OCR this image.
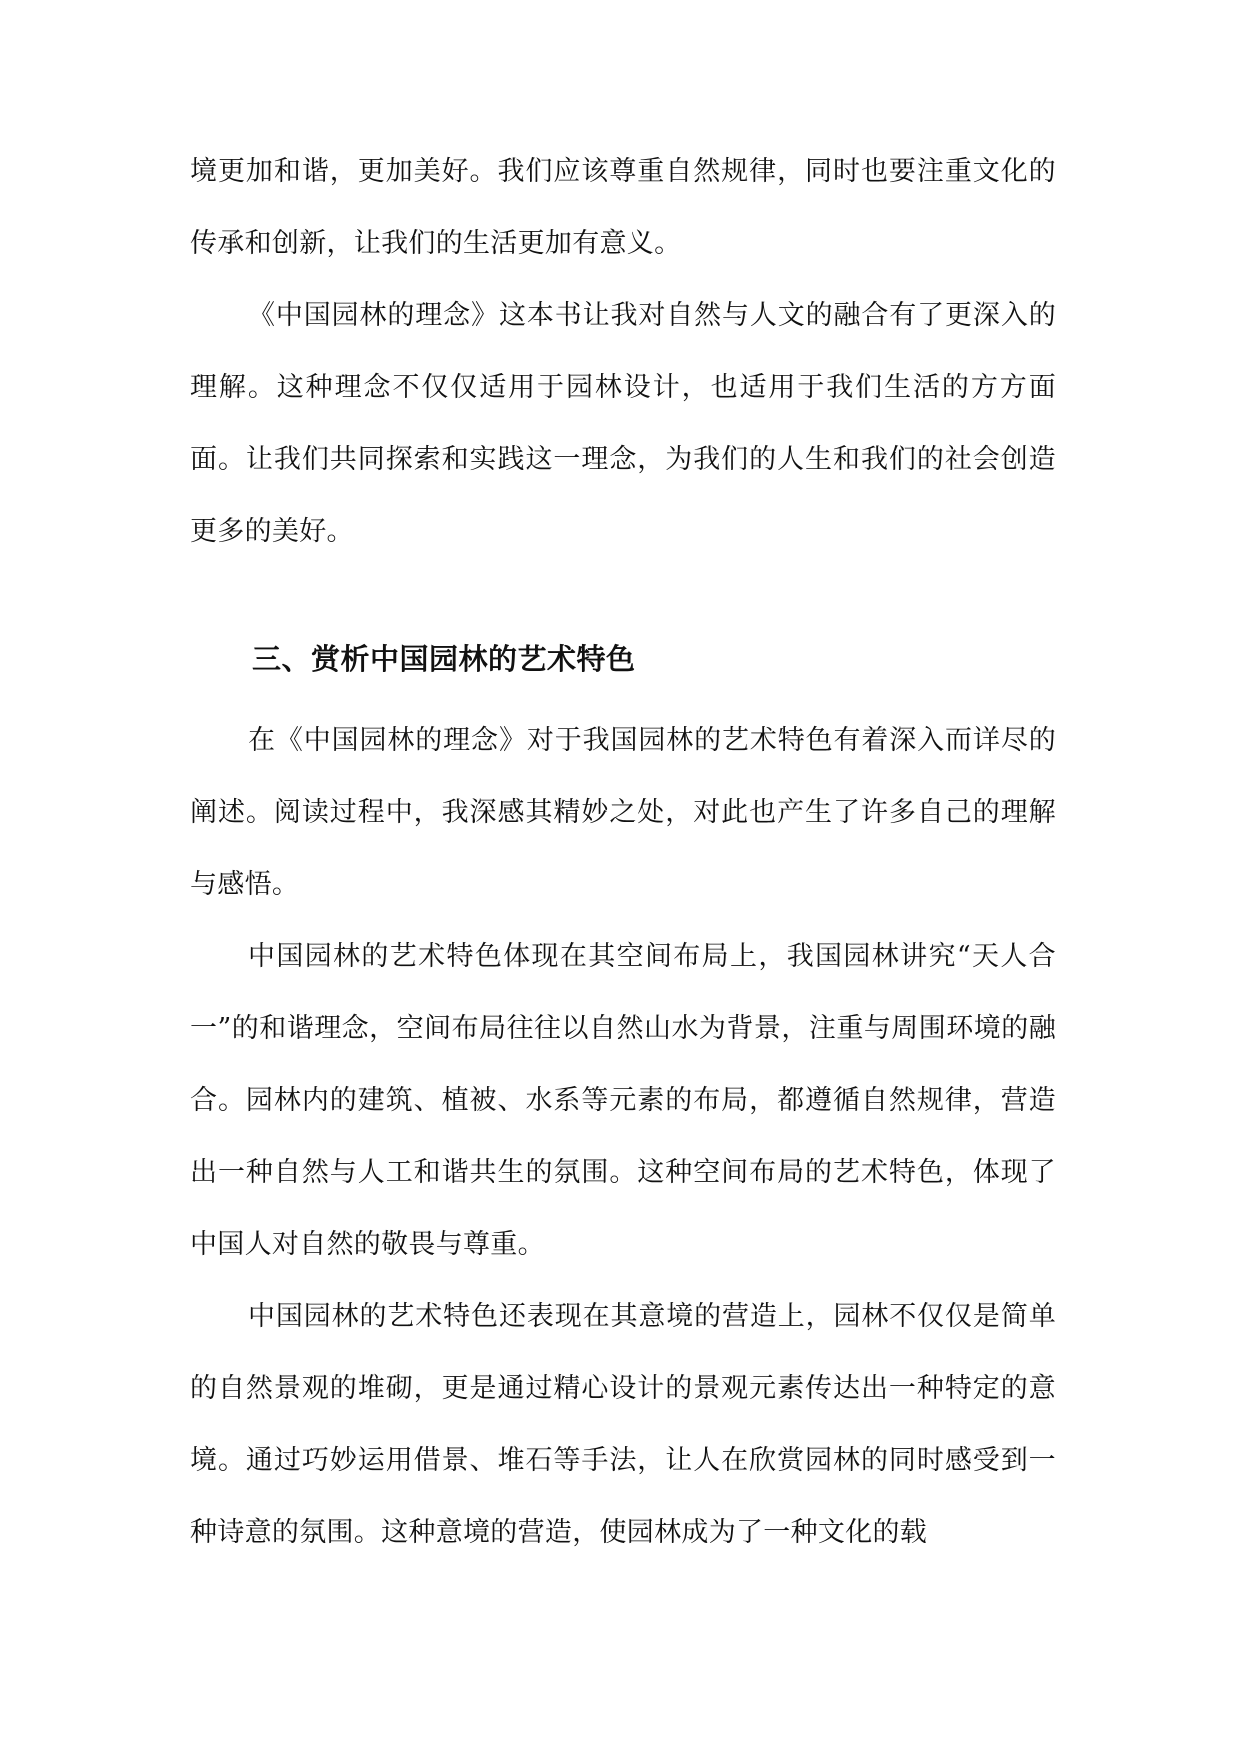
境更加和谐，更加美好。我们应该尊重自然规律，同时也要注重文化的传承和创新，让我们的生活更加有意义。

《中国园林的理念》这本书让我对自然与人文的融合有了更深入的理解。这种理念不仅仅适用于园林设计，也适用于我们生活的方方面面。让我们共同探索和实践这一理念，为我们的人生和我们的社会创造更多的美好。

三、赏析中国园林的艺术特色

在《中国园林的理念》对于我国园林的艺术特色有着深入而详尽的阐述。阅读过程中，我深感其精妙之处，对此也产生了许多自己的理解与感悟。

中国园林的艺术特色体现在其空间布局上，我国园林讲究“天人合一”的和谐理念，空间布局往往以自然山水为背景，注重与周围环境的融合。园林内的建筑、植被、水系等元素的布局，都遵循自然规律，营造出一种自然与人工和谐共生的氛围。这种空间布局的艺术特色，体现了中国人对自然的敬畏与尊重。

中国园林的艺术特色还表现在其意境的营造上，园林不仅仅是简单的自然景观的堆砌，更是通过精心设计的景观元素传达出一种特定的意境。通过巧妙运用借景、堆石等手法，让人在欣赏园林的同时感受到一种诗意的氛围。这种意境的营造，使园林成为了一种文化的载
